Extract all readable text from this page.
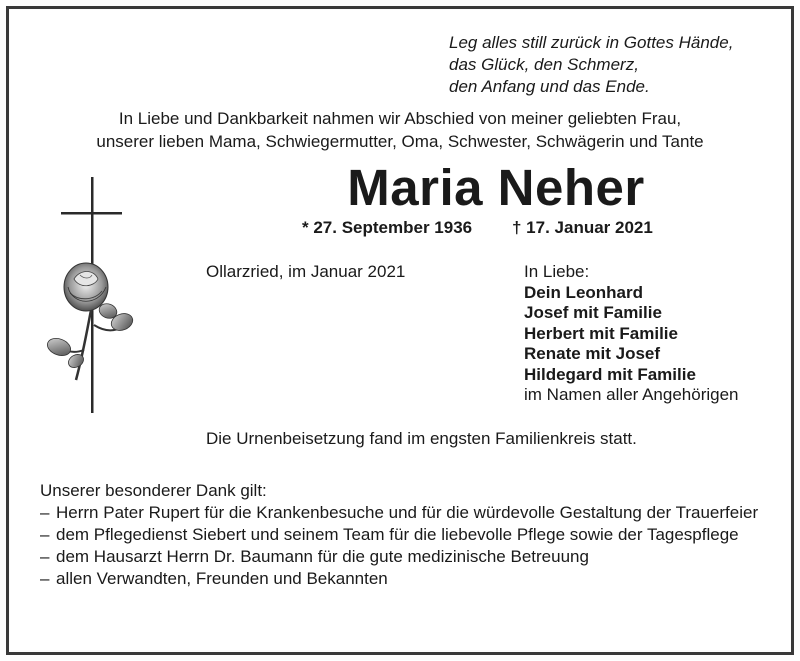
Leg alles still zurück in Gottes Hände,
das Glück, den Schmerz,
den Anfang und das Ende.
In Liebe und Dankbarkeit nahmen wir Abschied von meiner geliebten Frau,
unserer lieben Mama, Schwiegermutter, Oma, Schwester, Schwägerin und Tante
Maria Neher
* 27. September 1936 † 17. Januar 2021
Ollarzried, im Januar 2021	In Liebe:
Dein Leonhard
Josef mit Familie
Herbert mit Familie
Renate mit Josef
Hildegard mit Familie
im Namen aller Angehörigen
Die Urnenbeisetzung fand im engsten Familienkreis statt.
Unserer besonderer Dank gilt:
– Herrn Pater Rupert für die Krankenbesuche und für die würdevolle Gestaltung der Trauerfeier
– dem Pflegedienst Siebert und seinem Team für die liebevolle Pflege sowie der Tagespflege
– dem Hausarzt Herrn Dr. Baumann für die gute medizinische Betreuung
– allen Verwandten, Freunden und Bekannten
